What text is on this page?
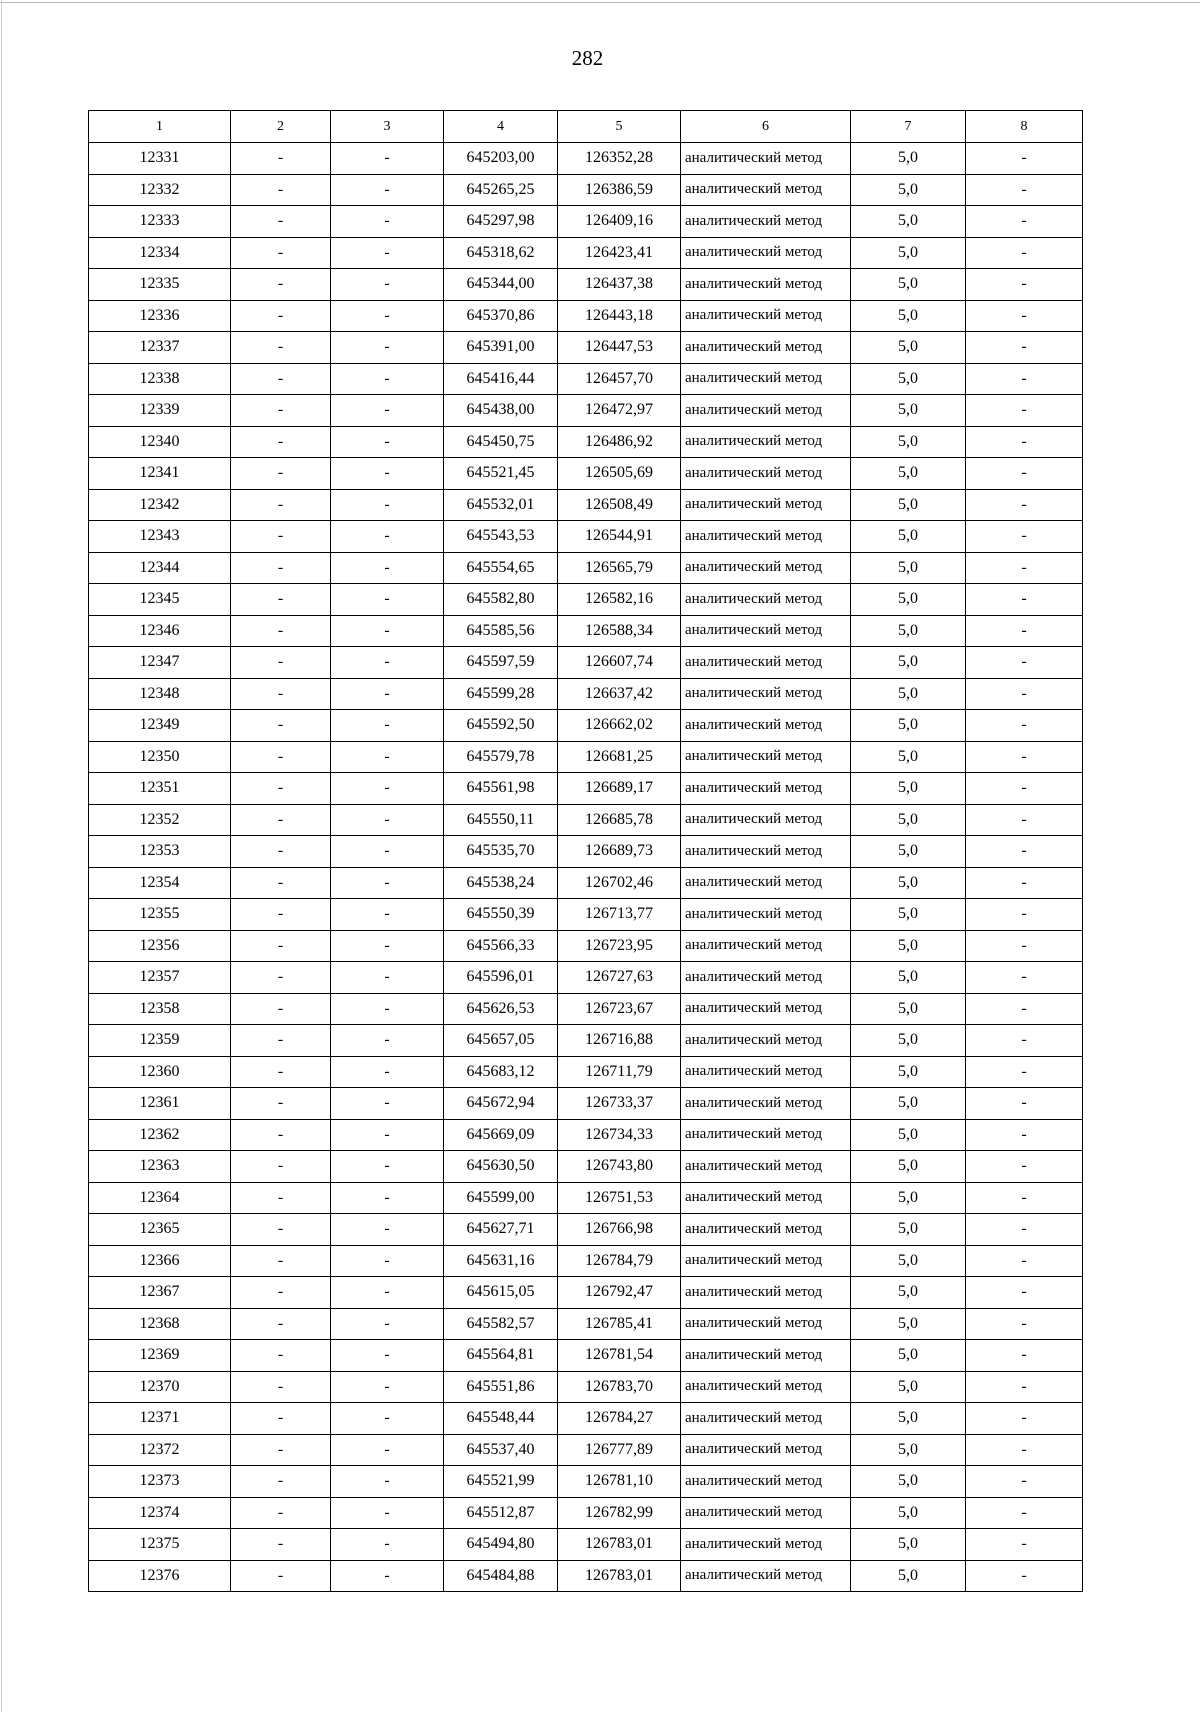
282
1	2	3	4	5	6	7	8
12331	-	-	645203,00	126352,28	аналитический метод	5,0	-
12332	-	-	645265,25	126386,59	аналитический метод	5,0	-
12333	-	-	645297,98	126409,16	аналитический метод	5,0	-
12334	-	-	645318,62	126423,41	аналитический метод	5,0	-
12335	-	-	645344,00	126437,38	аналитический метод	5,0	-
12336	-	-	645370,86	126443,18	аналитический метод	5,0	-
12337	-	-	645391,00	126447,53	аналитический метод	5,0	-
12338	-	-	645416,44	126457,70	аналитический метод	5,0	-
12339	-	-	645438,00	126472,97	аналитический метод	5,0	-
12340	-	-	645450,75	126486,92	аналитический метод	5,0	-
12341	-	-	645521,45	126505,69	аналитический метод	5,0	-
12342	-	-	645532,01	126508,49	аналитический метод	5,0	-
12343	-	-	645543,53	126544,91	аналитический метод	5,0	-
12344	-	-	645554,65	126565,79	аналитический метод	5,0	-
12345	-	-	645582,80	126582,16	аналитический метод	5,0	-
12346	-	-	645585,56	126588,34	аналитический метод	5,0	-
12347	-	-	645597,59	126607,74	аналитический метод	5,0	-
12348	-	-	645599,28	126637,42	аналитический метод	5,0	-
12349	-	-	645592,50	126662,02	аналитический метод	5,0	-
12350	-	-	645579,78	126681,25	аналитический метод	5,0	-
12351	-	-	645561,98	126689,17	аналитический метод	5,0	-
12352	-	-	645550,11	126685,78	аналитический метод	5,0	-
12353	-	-	645535,70	126689,73	аналитический метод	5,0	-
12354	-	-	645538,24	126702,46	аналитический метод	5,0	-
12355	-	-	645550,39	126713,77	аналитический метод	5,0	-
12356	-	-	645566,33	126723,95	аналитический метод	5,0	-
12357	-	-	645596,01	126727,63	аналитический метод	5,0	-
12358	-	-	645626,53	126723,67	аналитический метод	5,0	-
12359	-	-	645657,05	126716,88	аналитический метод	5,0	-
12360	-	-	645683,12	126711,79	аналитический метод	5,0	-
12361	-	-	645672,94	126733,37	аналитический метод	5,0	-
12362	-	-	645669,09	126734,33	аналитический метод	5,0	-
12363	-	-	645630,50	126743,80	аналитический метод	5,0	-
12364	-	-	645599,00	126751,53	аналитический метод	5,0	-
12365	-	-	645627,71	126766,98	аналитический метод	5,0	-
12366	-	-	645631,16	126784,79	аналитический метод	5,0	-
12367	-	-	645615,05	126792,47	аналитический метод	5,0	-
12368	-	-	645582,57	126785,41	аналитический метод	5,0	-
12369	-	-	645564,81	126781,54	аналитический метод	5,0	-
12370	-	-	645551,86	126783,70	аналитический метод	5,0	-
12371	-	-	645548,44	126784,27	аналитический метод	5,0	-
12372	-	-	645537,40	126777,89	аналитический метод	5,0	-
12373	-	-	645521,99	126781,10	аналитический метод	5,0	-
12374	-	-	645512,87	126782,99	аналитический метод	5,0	-
12375	-	-	645494,80	126783,01	аналитический метод	5,0	-
12376	-	-	645484,88	126783,01	аналитический метод	5,0	-
